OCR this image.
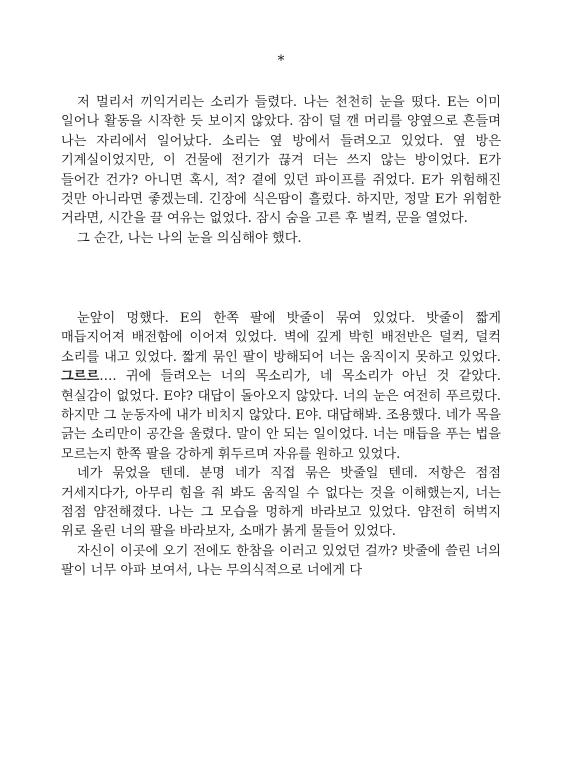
*

저 멀리서 끼익거리는 소리가 들렸다. 나는 천천히 눈을 떴다. E는 이미 일어나 활동을 시작한 듯 보이지 않았다. 잠이 덜 깬 머리를 양옆으로 흔들며 나는 자리에서 일어났다. 소리는 옆 방에서 들려오고 있었다. 옆 방은 기계실이었지만, 이 건물에 전기가 끊겨 더는 쓰지 않는 방이었다. E가 들어간 건가? 아니면 혹시, 적? 곁에 있던 파이프를 쥐었다. E가 위험해진 것만 아니라면 좋겠는데. 긴장에 식은땀이 흘렀다. 하지만, 정말 E가 위험한 거라면, 시간을 끌 여유는 없었다. 잠시 숨을 고른 후 벌컥, 문을 열었다.

그 순간, 나는 나의 눈을 의심해야 했다.

눈앞이 멍했다. E의 한쪽 팔에 밧줄이 묶여 있었다. 밧줄이 짧게 매듭지어져 배전함에 이어져 있었다. 벽에 깊게 박힌 배전반은 덜컥, 덜컥 소리를 내고 있었다. 짧게 묶인 팔이 방해되어 너는 움직이지 못하고 있었다. 그르르…. 귀에 들려오는 너의 목소리가, 네 목소리가 아닌 것 같았다. 현실감이 없었다. E야? 대답이 돌아오지 않았다. 너의 눈은 여전히 푸르렀다. 하지만 그 눈동자에 내가 비치지 않았다. E야. 대답해봐. 조용했다. 네가 목을 긁는 소리만이 공간을 울렸다. 말이 안 되는 일이었다. 너는 매듭을 푸는 법을 모르는지 한쪽 팔을 강하게 휘두르며 자유를 원하고 있었다.

네가 묶었을 텐데. 분명 네가 직접 묶은 밧줄일 텐데. 저항은 점점 거세지다가, 아무리 힘을 줘 봐도 움직일 수 없다는 것을 이해했는지, 너는 점점 얌전해졌다. 나는 그 모습을 멍하게 바라보고 있었다. 얌전히 허벅지 위로 올린 너의 팔을 바라보자, 소매가 붉게 물들어 있었다.

자신이 이곳에 오기 전에도 한참을 이러고 있었던 걸까? 밧줄에 쓸린 너의 팔이 너무 아파 보여서, 나는 무의식적으로 너에게 다
